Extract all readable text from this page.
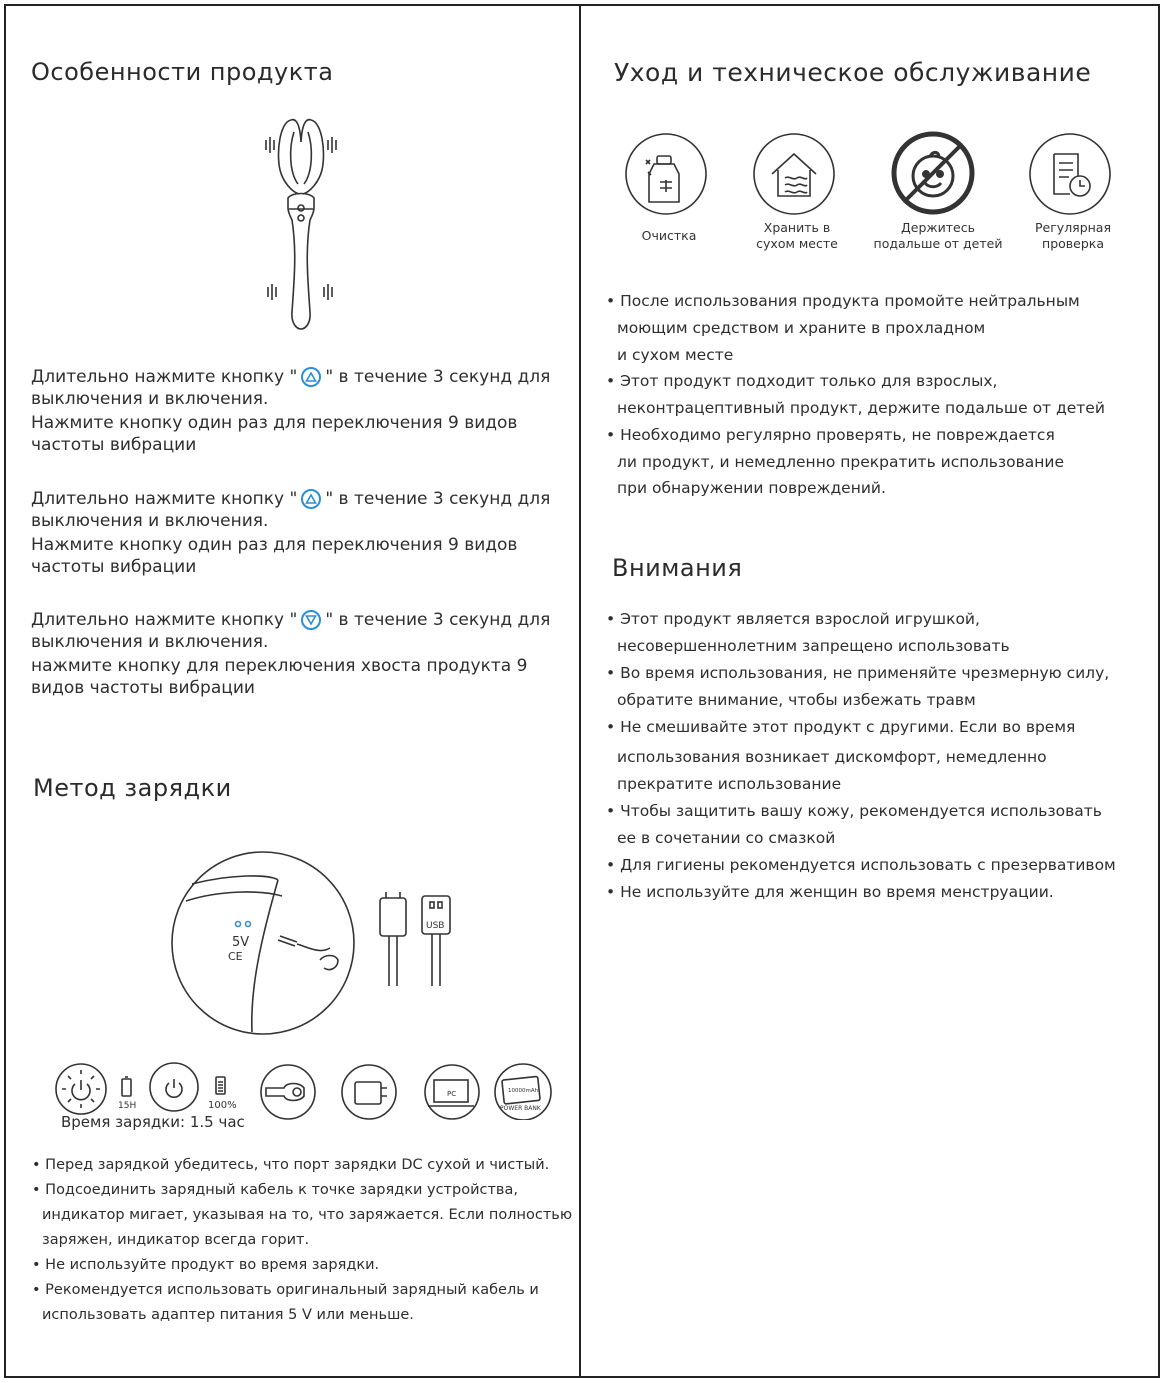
Особенности продукта
Длительно нажмите кнопку " " в течение 3 секунд для
выключения и включения.
Нажмите кнопку один раз для переключения 9 видов
частоты вибрации
Длительно нажмите кнопку " " в течение 3 секунд для
выключения и включения.
Нажмите кнопку один раз для переключения 9 видов
частоты вибрации
Длительно нажмите кнопку " " в течение 3 секунд для
выключения и включения.
нажмите кнопку для переключения хвоста продукта 9
видов частоты вибрации
Метод зарядки
5V
CE
USB
15H	100%
PC	10000mAh
POWER BANK
Время зарядки: 1.5 час
• Перед зарядкой убедитесь, что порт зарядки DC сухой и чистый.
• Подсоединить зарядный кабель к точке зарядки устройства,
индикатор мигает, указывая на то, что заряжается. Если полностью
заряжен, индикатор всегда горит.
• Не используйте продукт во время зарядки.
• Рекомендуется использовать оригинальный зарядный кабель и
использовать адаптер питания 5 V или меньше.
Уход и техническое обслуживание
Очистка
Хранить в
сухом месте
Держитесь
подальше от детей
Регулярная
проверка
• После использования продукта промойте нейтральным
моющим средством и храните в прохладном
и сухом месте
• Этот продукт подходит только для взрослых,
неконтрацептивный продукт, держите подальше от детей
• Необходимо регулярно проверять, не повреждается
ли продукт, и немедленно прекратить использование
при обнаружении повреждений.
Внимания
• Этот продукт является взрослой игрушкой,
несовершеннолетним запрещено использовать
• Во время использования, не применяйте чрезмерную силу,
обратите внимание, чтобы избежать травм
• Не смешивайте этот продукт с другими. Если во время
использования возникает дискомфорт, немедленно
прекратите использование
• Чтобы защитить вашу кожу, рекомендуется использовать
ее в сочетании со смазкой
• Для гигиены рекомендуется использовать с презервативом
• Не используйте для женщин во время менструации.
